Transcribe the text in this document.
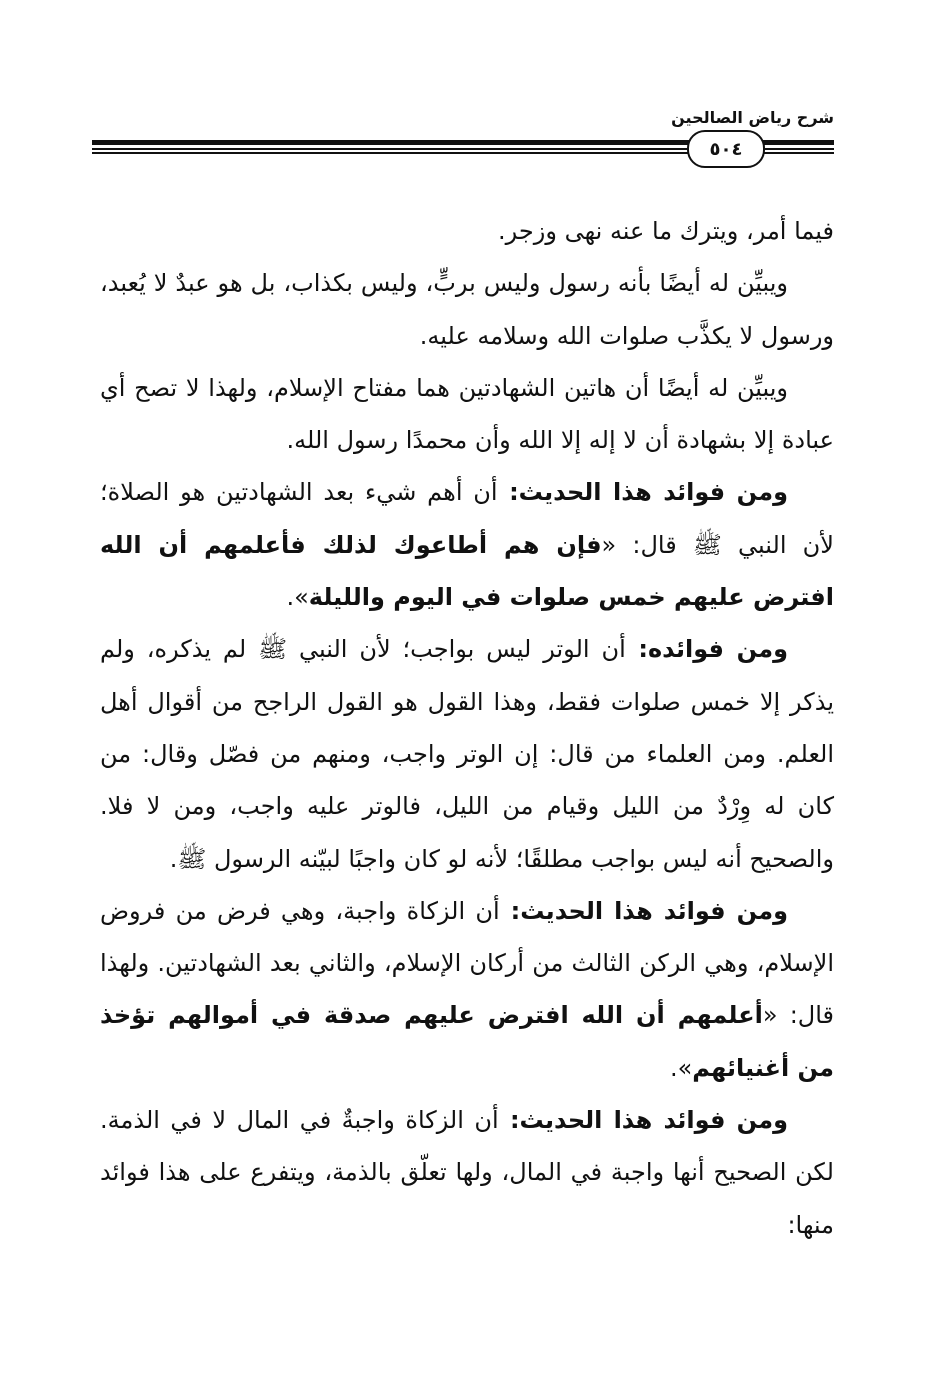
شرح رياض الصالحين
٥٠٤

فيما أمر، ويترك ما عنه نهى وزجر.

ويبيِّن له أيضًا بأنه رسول وليس بربٍّ، وليس بكذاب، بل هو عبدٌ لا يُعبد، ورسول لا يكذَّب صلوات الله وسلامه عليه.

ويبيِّن له أيضًا أن هاتين الشهادتين هما مفتاح الإسلام، ولهذا لا تصح أي عبادة إلا بشهادة أن لا إله إلا الله وأن محمدًا رسول الله.

ومن فوائد هذا الحديث: أن أهم شيء بعد الشهادتين هو الصلاة؛ لأن النبي ﷺ قال: «فإن هم أطاعوك لذلك فأعلمهم أن الله افترض عليهم خمس صلوات في اليوم والليلة».

ومن فوائده: أن الوتر ليس بواجب؛ لأن النبي ﷺ لم يذكره، ولم يذكر إلا خمس صلوات فقط، وهذا القول هو القول الراجح من أقوال أهل العلم. ومن العلماء من قال: إن الوتر واجب، ومنهم من فصّل وقال: من كان له وِرْدٌ من الليل وقيام من الليل، فالوتر عليه واجب، ومن لا فلا. والصحيح أنه ليس بواجب مطلقًا؛ لأنه لو كان واجبًا لبيّنه الرسول ﷺ.

ومن فوائد هذا الحديث: أن الزكاة واجبة، وهي فرض من فروض الإسلام، وهي الركن الثالث من أركان الإسلام، والثاني بعد الشهادتين. ولهذا قال: «أعلمهم أن الله افترض عليهم صدقة في أموالهم تؤخذ من أغنيائهم».

ومن فوائد هذا الحديث: أن الزكاة واجبةٌ في المال لا في الذمة. لكن الصحيح أنها واجبة في المال، ولها تعلّق بالذمة، ويتفرع على هذا فوائد منها:
